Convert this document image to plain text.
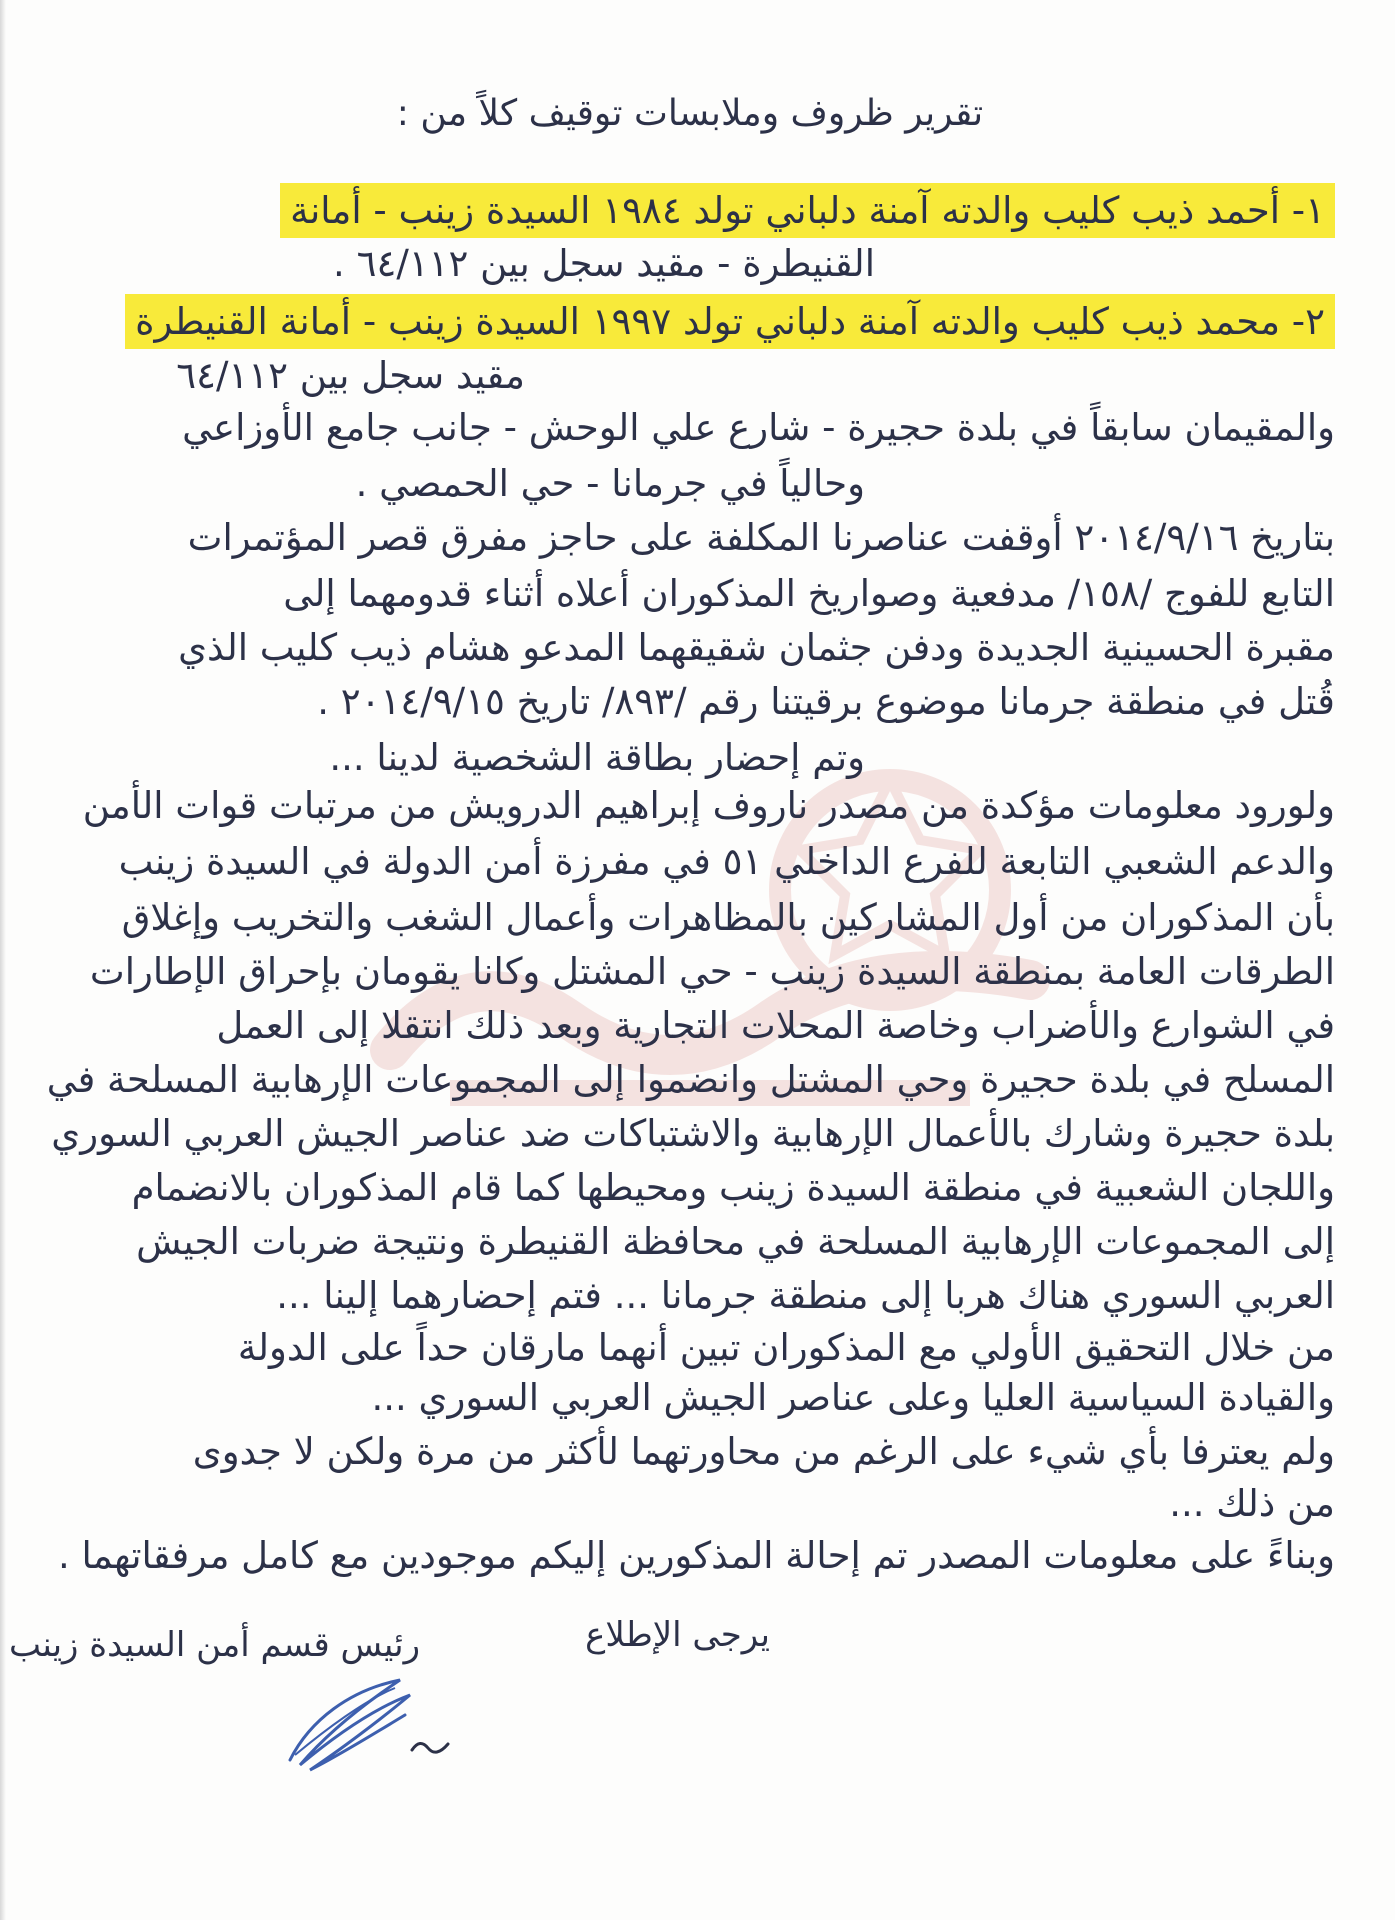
تقرير ظروف وملابسات توقيف كلاً من :
١- أحمد ذيب كليب والدته آمنة دلباني تولد ١٩٨٤ السيدة زينب - أمانة
القنيطرة - مقيد سجل بين ٦٤/١١٢ .
٢- محمد ذيب كليب والدته آمنة دلباني تولد ١٩٩٧ السيدة زينب - أمانة القنيطرة
مقيد سجل بين ٦٤/١١٢
والمقيمان سابقاً في بلدة حجيرة - شارع علي الوحش - جانب جامع الأوزاعي
وحالياً في جرمانا - حي الحمصي .
بتاريخ ٢٠١٤/٩/١٦ أوقفت عناصرنا المكلفة على حاجز مفرق قصر المؤتمرات
التابع للفوج /١٥٨/ مدفعية وصواريخ المذكوران أعلاه أثناء قدومهما إلى
مقبرة الحسينية الجديدة ودفن جثمان شقيقهما المدعو هشام ذيب كليب الذي
قُتل في منطقة جرمانا موضوع برقيتنا رقم /٨٩٣/ تاريخ ٢٠١٤/٩/١٥ .
وتم إحضار بطاقة الشخصية لدينا ...
ولورود معلومات مؤكدة من مصدر ناروف إبراهيم الدرويش من مرتبات قوات الأمن
والدعم الشعبي التابعة للفرع الداخلي ٥١ في مفرزة أمن الدولة في السيدة زينب
بأن المذكوران من أول المشاركين بالمظاهرات وأعمال الشغب والتخريب وإغلاق
الطرقات العامة بمنطقة السيدة زينب - حي المشتل وكانا يقومان بإحراق الإطارات
في الشوارع والأضراب وخاصة المحلات التجارية وبعد ذلك انتقلا إلى العمل
المسلح في بلدة حجيرة وحي المشتل وانضموا إلى المجموعات الإرهابية المسلحة في
بلدة حجيرة وشارك بالأعمال الإرهابية والاشتباكات ضد عناصر الجيش العربي السوري
واللجان الشعبية في منطقة السيدة زينب ومحيطها كما قام المذكوران بالانضمام
إلى المجموعات الإرهابية المسلحة في محافظة القنيطرة ونتيجة ضربات الجيش
العربي السوري هناك هربا إلى منطقة جرمانا ... فتم إحضارهما إلينا ...
من خلال التحقيق الأولي مع المذكوران تبين أنهما مارقان حداً على الدولة
والقيادة السياسية العليا وعلى عناصر الجيش العربي السوري ...
ولم يعترفا بأي شيء على الرغم من محاورتهما لأكثر من مرة ولكن لا جدوى
من ذلك ...
وبناءً على معلومات المصدر تم إحالة المذكورين إليكم موجودين مع كامل مرفقاتهما .
يرجى الإطلاع
رئيس قسم أمن السيدة زينب
